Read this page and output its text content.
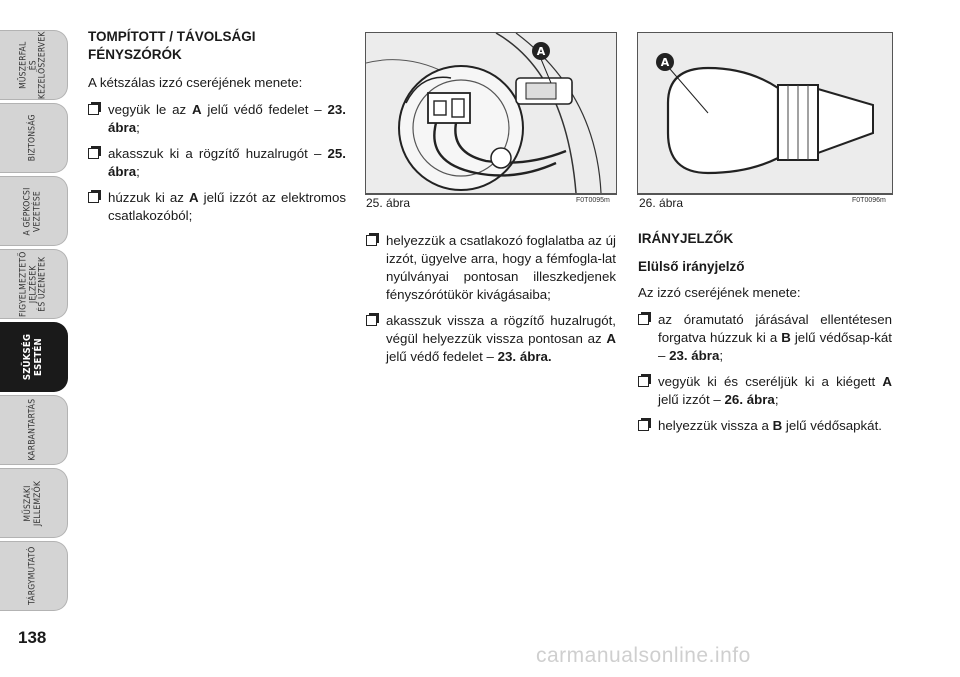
MŰSZERFAL
ÉS
KEZELŐSZERVEK
BIZTONSÁG
A GÉPKOCSI
VEZETÉSE
FIGYELMEZTETŐ
JELZÉSEK
ÉS ÜZENETEK
SZÜKSÉG
ESETÉN
KARBANTARTÁS
MŰSZAKI
JELLEMZŐK
TÁRGYMUTATÓ
138
TOMPÍTOTT / TÁVOLSÁGI FÉNYSZÓRÓK

A kétszálas izzó cseréjének menete:

vegyük le az A jelű védő fedelet – 23. ábra;
akasszuk ki a rögzítő huzalrugót – 25. ábra;
húzzuk ki az A jelű izzót az elektromos csatlakozóból;
A
25. ábra	F0T0095m
A
26. ábra	F0T0096m
helyezzük a csatlakozó foglalatba az új izzót, ügyelve arra, hogy a fémfogla-lat nyúlványai pontosan illeszkedjenek fényszórótükör kivágásaiba;
akasszuk vissza a rögzítő huzalrugót, végül helyezzük vissza pontosan az A jelű védő fedelet – 23. ábra.
IRÁNYJELZŐK
Elülső irányjelző

Az izzó cseréjének menete:

az óramutató járásával ellentétesen forgatva húzzuk ki a B jelű védősap-kát – 23. ábra;
vegyük ki és cseréljük ki a kiégett A jelű izzót – 26. ábra;
helyezzük vissza a B jelű védősapkát.
carmanualsonline.info
